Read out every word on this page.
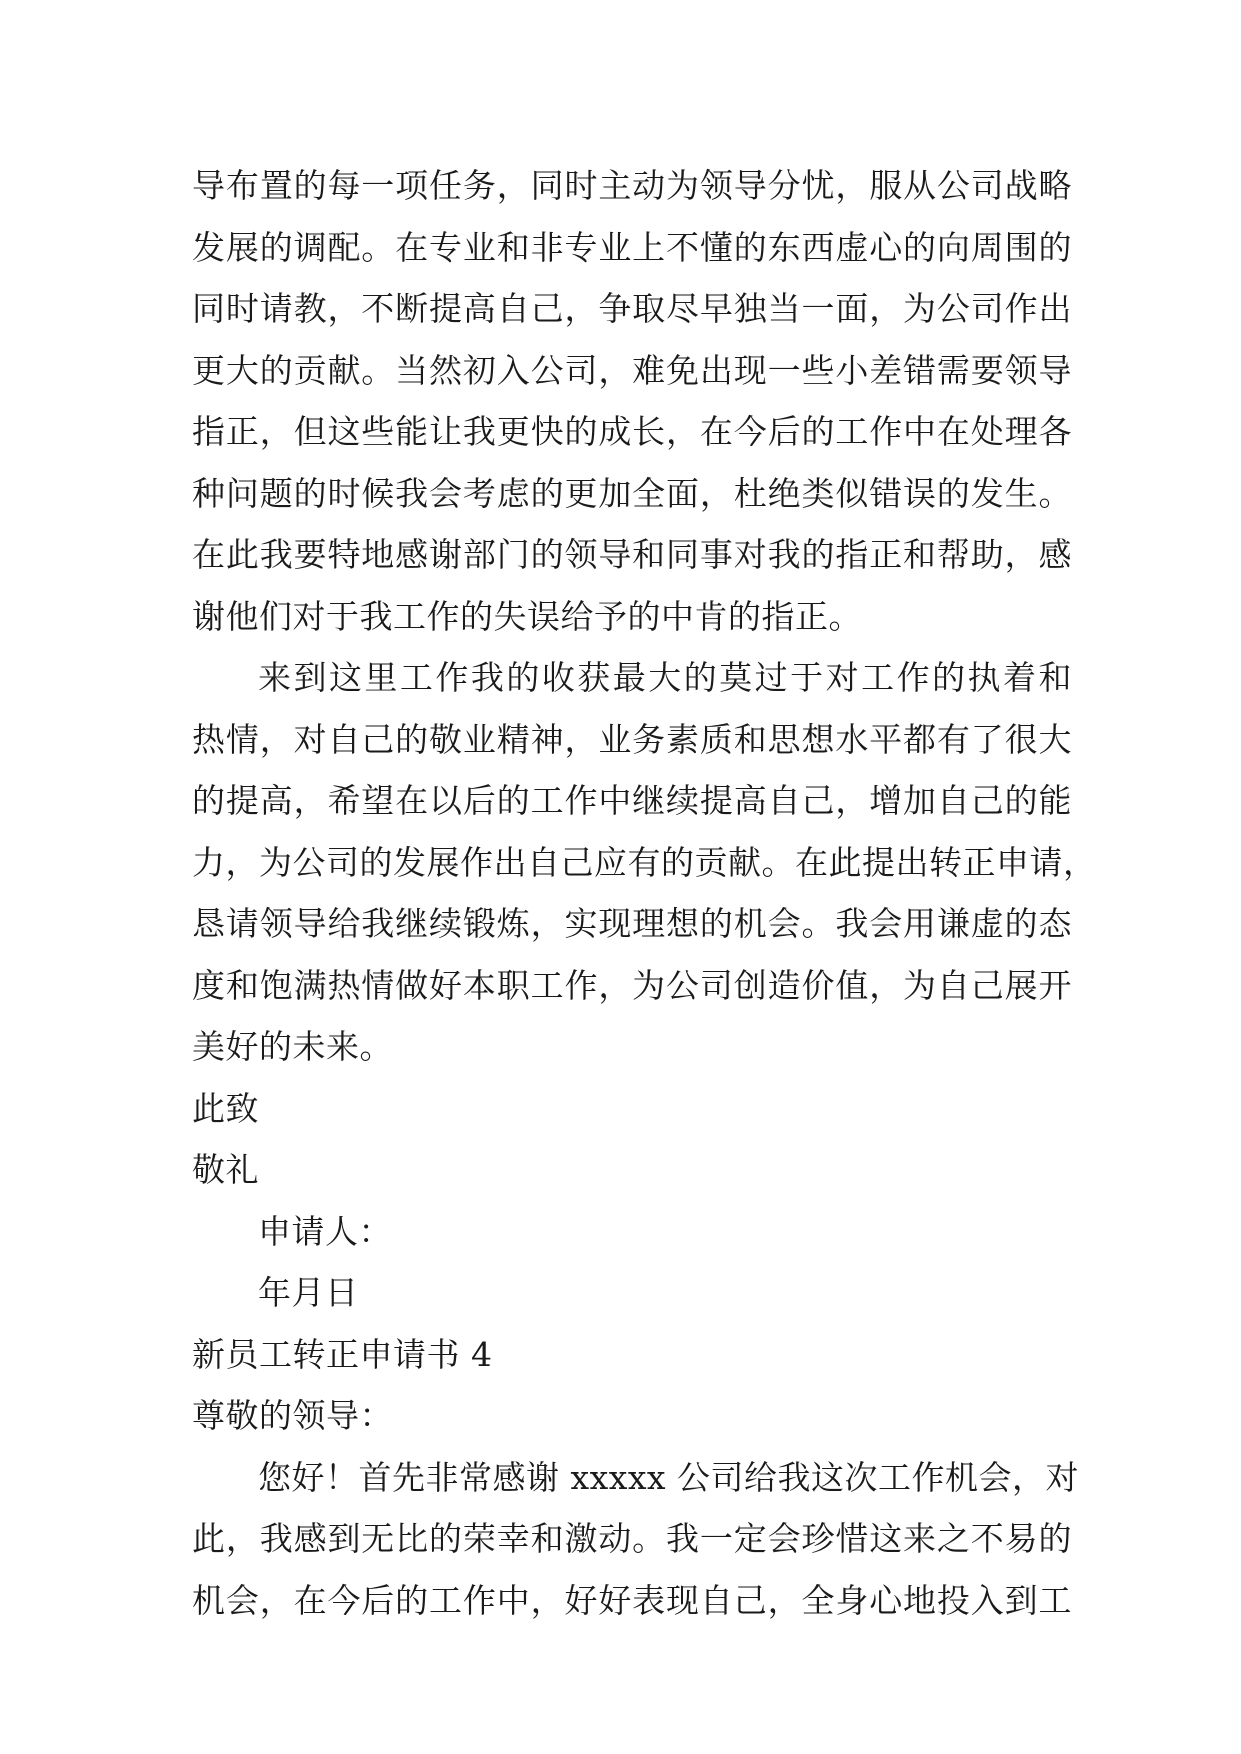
导布置的每一项任务，同时主动为领导分忧，服从公司战略
发展的调配。在专业和非专业上不懂的东西虚心的向周围的
同时请教，不断提高自己，争取尽早独当一面，为公司作出
更大的贡献。当然初入公司，难免出现一些小差错需要领导
指正，但这些能让我更快的成长，在今后的工作中在处理各
种问题的时候我会考虑的更加全面，杜绝类似错误的发生。
在此我要特地感谢部门的领导和同事对我的指正和帮助，感
谢他们对于我工作的失误给予的中肯的指正。
来到这里工作我的收获最大的莫过于对工作的执着和
热情，对自己的敬业精神，业务素质和思想水平都有了很大
的提高，希望在以后的工作中继续提高自己，增加自己的能
力，为公司的发展作出自己应有的贡献。在此提出转正申请，
恳请领导给我继续锻炼，实现理想的机会。我会用谦虚的态
度和饱满热情做好本职工作，为公司创造价值，为自己展开
美好的未来。
此致
敬礼
申请人：
年月日
新员工转正申请书 4
尊敬的领导：
您好！首先非常感谢 xxxxx 公司给我这次工作机会，对
此，我感到无比的荣幸和激动。我一定会珍惜这来之不易的
机会，在今后的工作中，好好表现自己，全身心地投入到工
